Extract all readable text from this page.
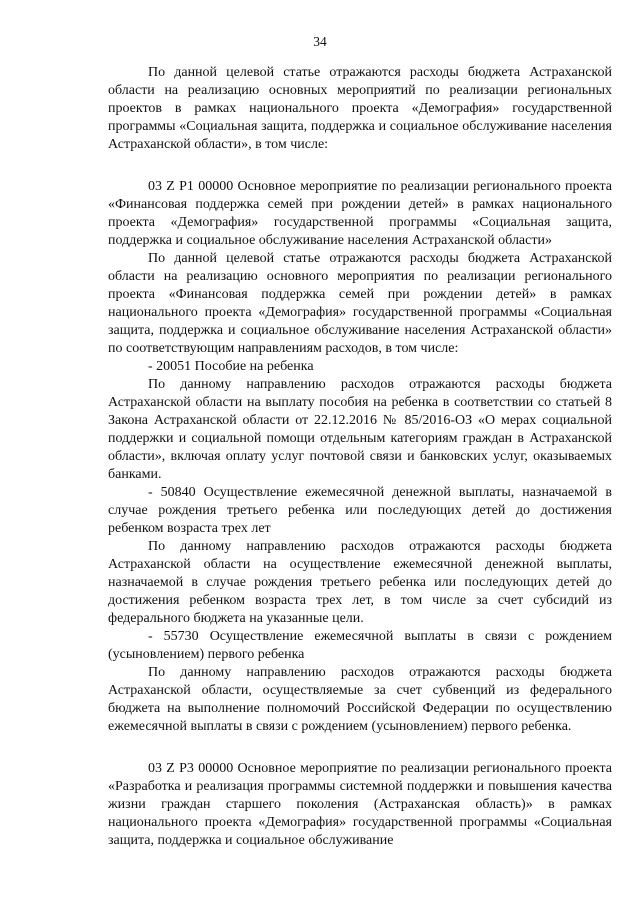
34

По данной целевой статье отражаются расходы бюджета Астраханской области на реализацию основных мероприятий по реализации региональных проектов в рамках национального проекта «Демография» государственной программы «Социальная защита, поддержка и социальное обслуживание населения Астраханской области», в том числе:

03 Z P1 00000 Основное мероприятие по реализации регионального проекта «Финансовая поддержка семей при рождении детей» в рамках национального проекта «Демография» государственной программы «Социальная защита, поддержка и социальное обслуживание населения Астраханской области»

По данной целевой статье отражаются расходы бюджета Астраханской области на реализацию основного мероприятия по реализации регионального проекта «Финансовая поддержка семей при рождении детей» в рамках национального проекта «Демография» государственной программы «Социальная защита, поддержка и социальное обслуживание населения Астраханской области» по соответствующим направлениям расходов, в том числе:

- 20051 Пособие на ребенка

По данному направлению расходов отражаются расходы бюджета Астраханской области на выплату пособия на ребенка в соответствии со статьей 8 Закона Астраханской области от 22.12.2016 № 85/2016-ОЗ «О мерах социальной поддержки и социальной помощи отдельным категориям граждан в Астраханской области», включая оплату услуг почтовой связи и банковских услуг, оказываемых банками.

- 50840 Осуществление ежемесячной денежной выплаты, назначаемой в случае рождения третьего ребенка или последующих детей до достижения ребенком возраста трех лет

По данному направлению расходов отражаются расходы бюджета Астраханской области на осуществление ежемесячной денежной выплаты, назначаемой в случае рождения третьего ребенка или последующих детей до достижения ребенком возраста трех лет, в том числе за счет субсидий из федерального бюджета на указанные цели.

- 55730 Осуществление ежемесячной выплаты в связи с рождением (усыновлением) первого ребенка

По данному направлению расходов отражаются расходы бюджета Астраханской области, осуществляемые за счет субвенций из федерального бюджета на выполнение полномочий Российской Федерации по осуществлению ежемесячной выплаты в связи с рождением (усыновлением) первого ребенка.

03 Z P3 00000 Основное мероприятие по реализации регионального проекта «Разработка и реализация программы системной поддержки и повышения качества жизни граждан старшего поколения (Астраханская область)» в рамках национального проекта «Демография» государственной программы «Социальная защита, поддержка и социальное обслуживание
